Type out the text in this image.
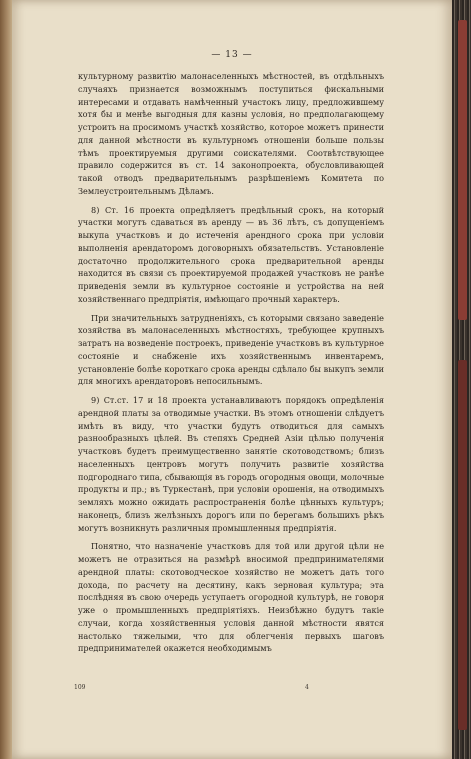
— 13 —

культурному развитію малонаселенныхъ мѣстностей, въ отдѣльныхъ случаяхъ признается возможнымъ поступиться фискальными интересами и отдавать намѣченный участокъ лицу, предложившему хотя бы и менѣе выгодныя для казны условія, но предполагающему устроить на просимомъ участкѣ хозяйство, которое можетъ принести для данной мѣстности въ культурномъ отношеніи больше пользы тѣмъ проектируемыя другими соискателями. Соотвѣтствующее правило содержится въ ст. 14 законопроекта, обусловливающей такой отводъ предварительнымъ разрѣшеніемъ Комитета по Землеустроительнымъ Дѣламъ.

8) Ст. 16 проекта опредѣляетъ предѣльный срокъ, на который участки могутъ сдаваться въ аренду — въ 36 лѣтъ, съ допущеніемъ выкупа участковъ и до истеченія арендного срока при условіи выполненія арендаторомъ договорныхъ обязательствъ. Установленіе достаточно продолжительного срока предварительной аренды находится въ связи съ проектируемой продажей участковъ не ранѣе приведенія земли въ культурное состояніе и устройства на ней хозяйственнаго предпріятія, имѣющаго прочный характеръ.

При значительныхъ затрудненіяхъ, съ которыми связано заведеніе хозяйства въ малонаселенныхъ мѣстностяхъ, требующее крупныхъ затратъ на возведеніе построекъ, приведеніе участковъ въ культурное состояніе и снабженіе ихъ хозяйственнымъ инвентаремъ, установленіе болѣе короткаго срока аренды сдѣлало бы выкупъ земли для многихъ арендаторовъ непосильнымъ.

9) Ст.ст. 17 и 18 проекта устанавливаютъ порядокъ опредѣленія арендной платы за отводимые участки. Въ этомъ отношеніи слѣдуетъ имѣть въ виду, что участки будутъ отводиться для самыхъ разнообразныхъ цѣлей. Въ степяхъ Средней Азіи цѣлью полученія участковъ будетъ преимущественно занятіе скотоводствомъ; близъ населенныхъ центровъ могутъ получить развитіе хозяйства подгороднаго типа, сбывающія въ городъ огородныя овощи, молочные продукты и пр.; въ Туркестанѣ, при условіи орошенія, на отводимыхъ земляхъ можно ожидать распространенія болѣе цѣнныхъ культуръ; наконецъ, близъ желѣзныхъ дорогъ или по берегамъ большихъ рѣкъ могутъ возникнуть различныя промышленныя предпріятія.

Понятно, что назначеніе участковъ для той или другой цѣли не можетъ не отразиться на размѣрѣ вносимой предпринимателями арендной платы: скотоводческое хозяйство не можетъ дать того дохода, по расчету на десятину, какъ зерновая культура; эта послѣдняя въ свою очередь уступаетъ огородной культурѣ, не говоря уже о промышленныхъ предпріятіяхъ. Неизбѣжно будутъ такіе случаи, когда хозяйственныя условія данной мѣстности явятся настолько тяжелыми, что для облегченія первыхъ шаговъ предпринимателей окажется необходимымъ

109	4
